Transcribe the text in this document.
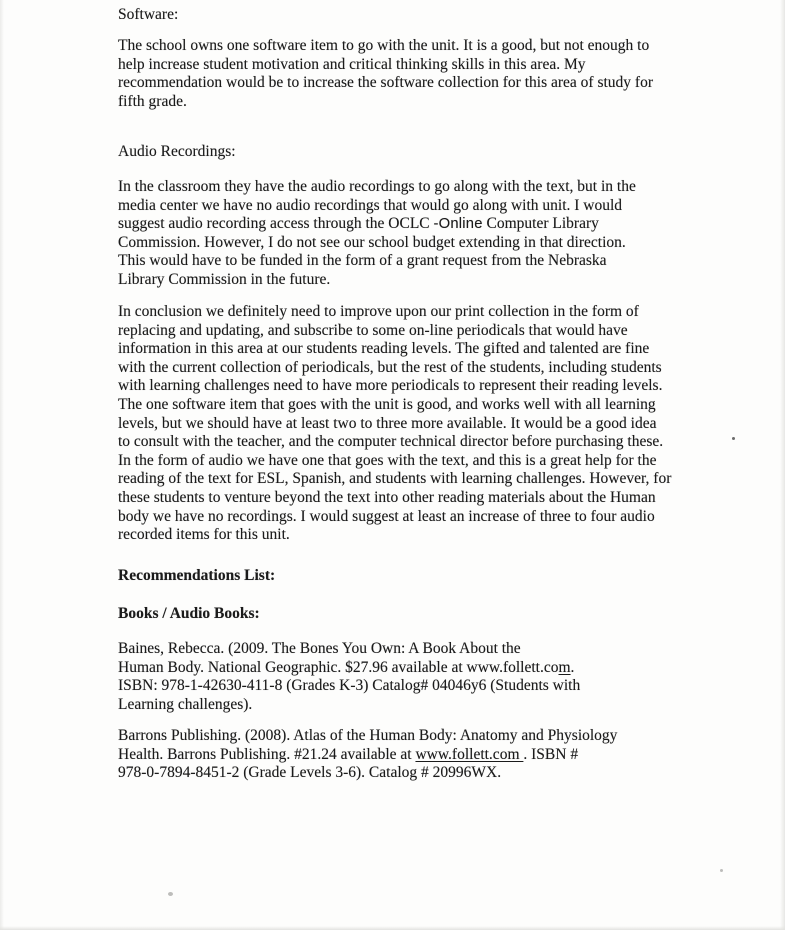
Software:
The school owns one software item to go with the unit. It is a good, but not enough to
help increase student motivation and critical thinking skills in this area. My
recommendation would be to increase the software collection for this area of study for
fifth grade.
Audio Recordings:
In the classroom they have the audio recordings to go along with the text, but in the
media center we have no audio recordings that would go along with unit. I would
suggest audio recording access through the OCLC -Online Computer Library
Commission. However, I do not see our school budget extending in that direction.
This would have to be funded in the form of a grant request from the Nebraska
Library Commission in the future.
In conclusion we definitely need to improve upon our print collection in the form of
replacing and updating, and subscribe to some on-line periodicals that would have
information in this area at our students reading levels. The gifted and talented are fine
with the current collection of periodicals, but the rest of the students, including students
with learning challenges need to have more periodicals to represent their reading levels.
The one software item that goes with the unit is good, and works well with all learning
levels, but we should have at least two to three more available. It would be a good idea
to consult with the teacher, and the computer technical director before purchasing these.
In the form of audio we have one that goes with the text, and this is a great help for the
reading of the text for ESL, Spanish, and students with learning challenges. However, for
these students to venture beyond the text into other reading materials about the Human
body we have no recordings. I would suggest at least an increase of three to four audio
recorded items for this unit.
Recommendations List:
Books / Audio Books:
Baines, Rebecca. (2009. The Bones You Own: A Book About the
Human Body. National Geographic. $27.96 available at www.follett.com.
ISBN: 978-1-42630-411-8 (Grades K-3) Catalog# 04046y6 (Students with
Learning challenges).
Barrons Publishing. (2008). Atlas of the Human Body: Anatomy and Physiology
Health. Barrons Publishing. #21.24 available at www.follett.com . ISBN #
978-0-7894-8451-2 (Grade Levels 3-6). Catalog # 20996WX.
